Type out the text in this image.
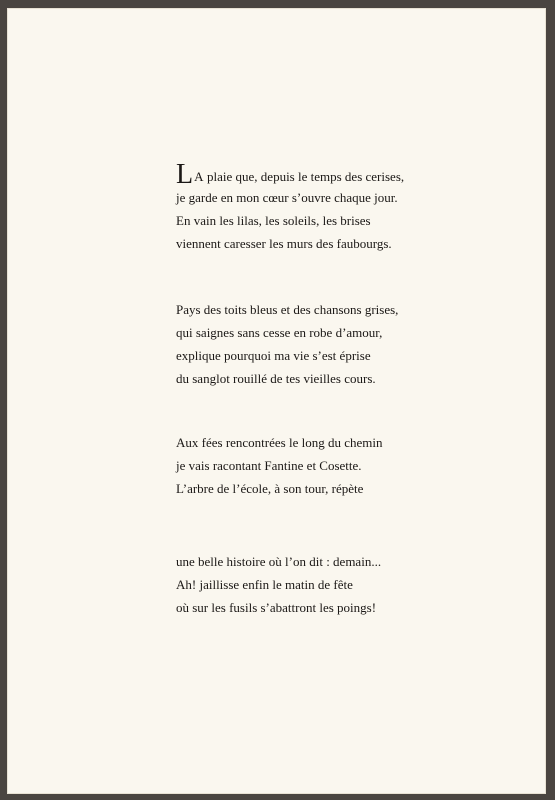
LA plaie que, depuis le temps des cerises,
je garde en mon cœur s’ouvre chaque jour.
En vain les lilas, les soleils, les brises
viennent caresser les murs des faubourgs.
Pays des toits bleus et des chansons grises,
qui saignes sans cesse en robe d’amour,
explique pourquoi ma vie s’est éprise
du sanglot rouillé de tes vieilles cours.
Aux fées rencontrées le long du chemin
je vais racontant Fantine et Cosette.
L’arbre de l’école, à son tour, répète
une belle histoire où l’on dit : demain...
Ah! jaillisse enfin le matin de fête
où sur les fusils s’abattront les poings!
